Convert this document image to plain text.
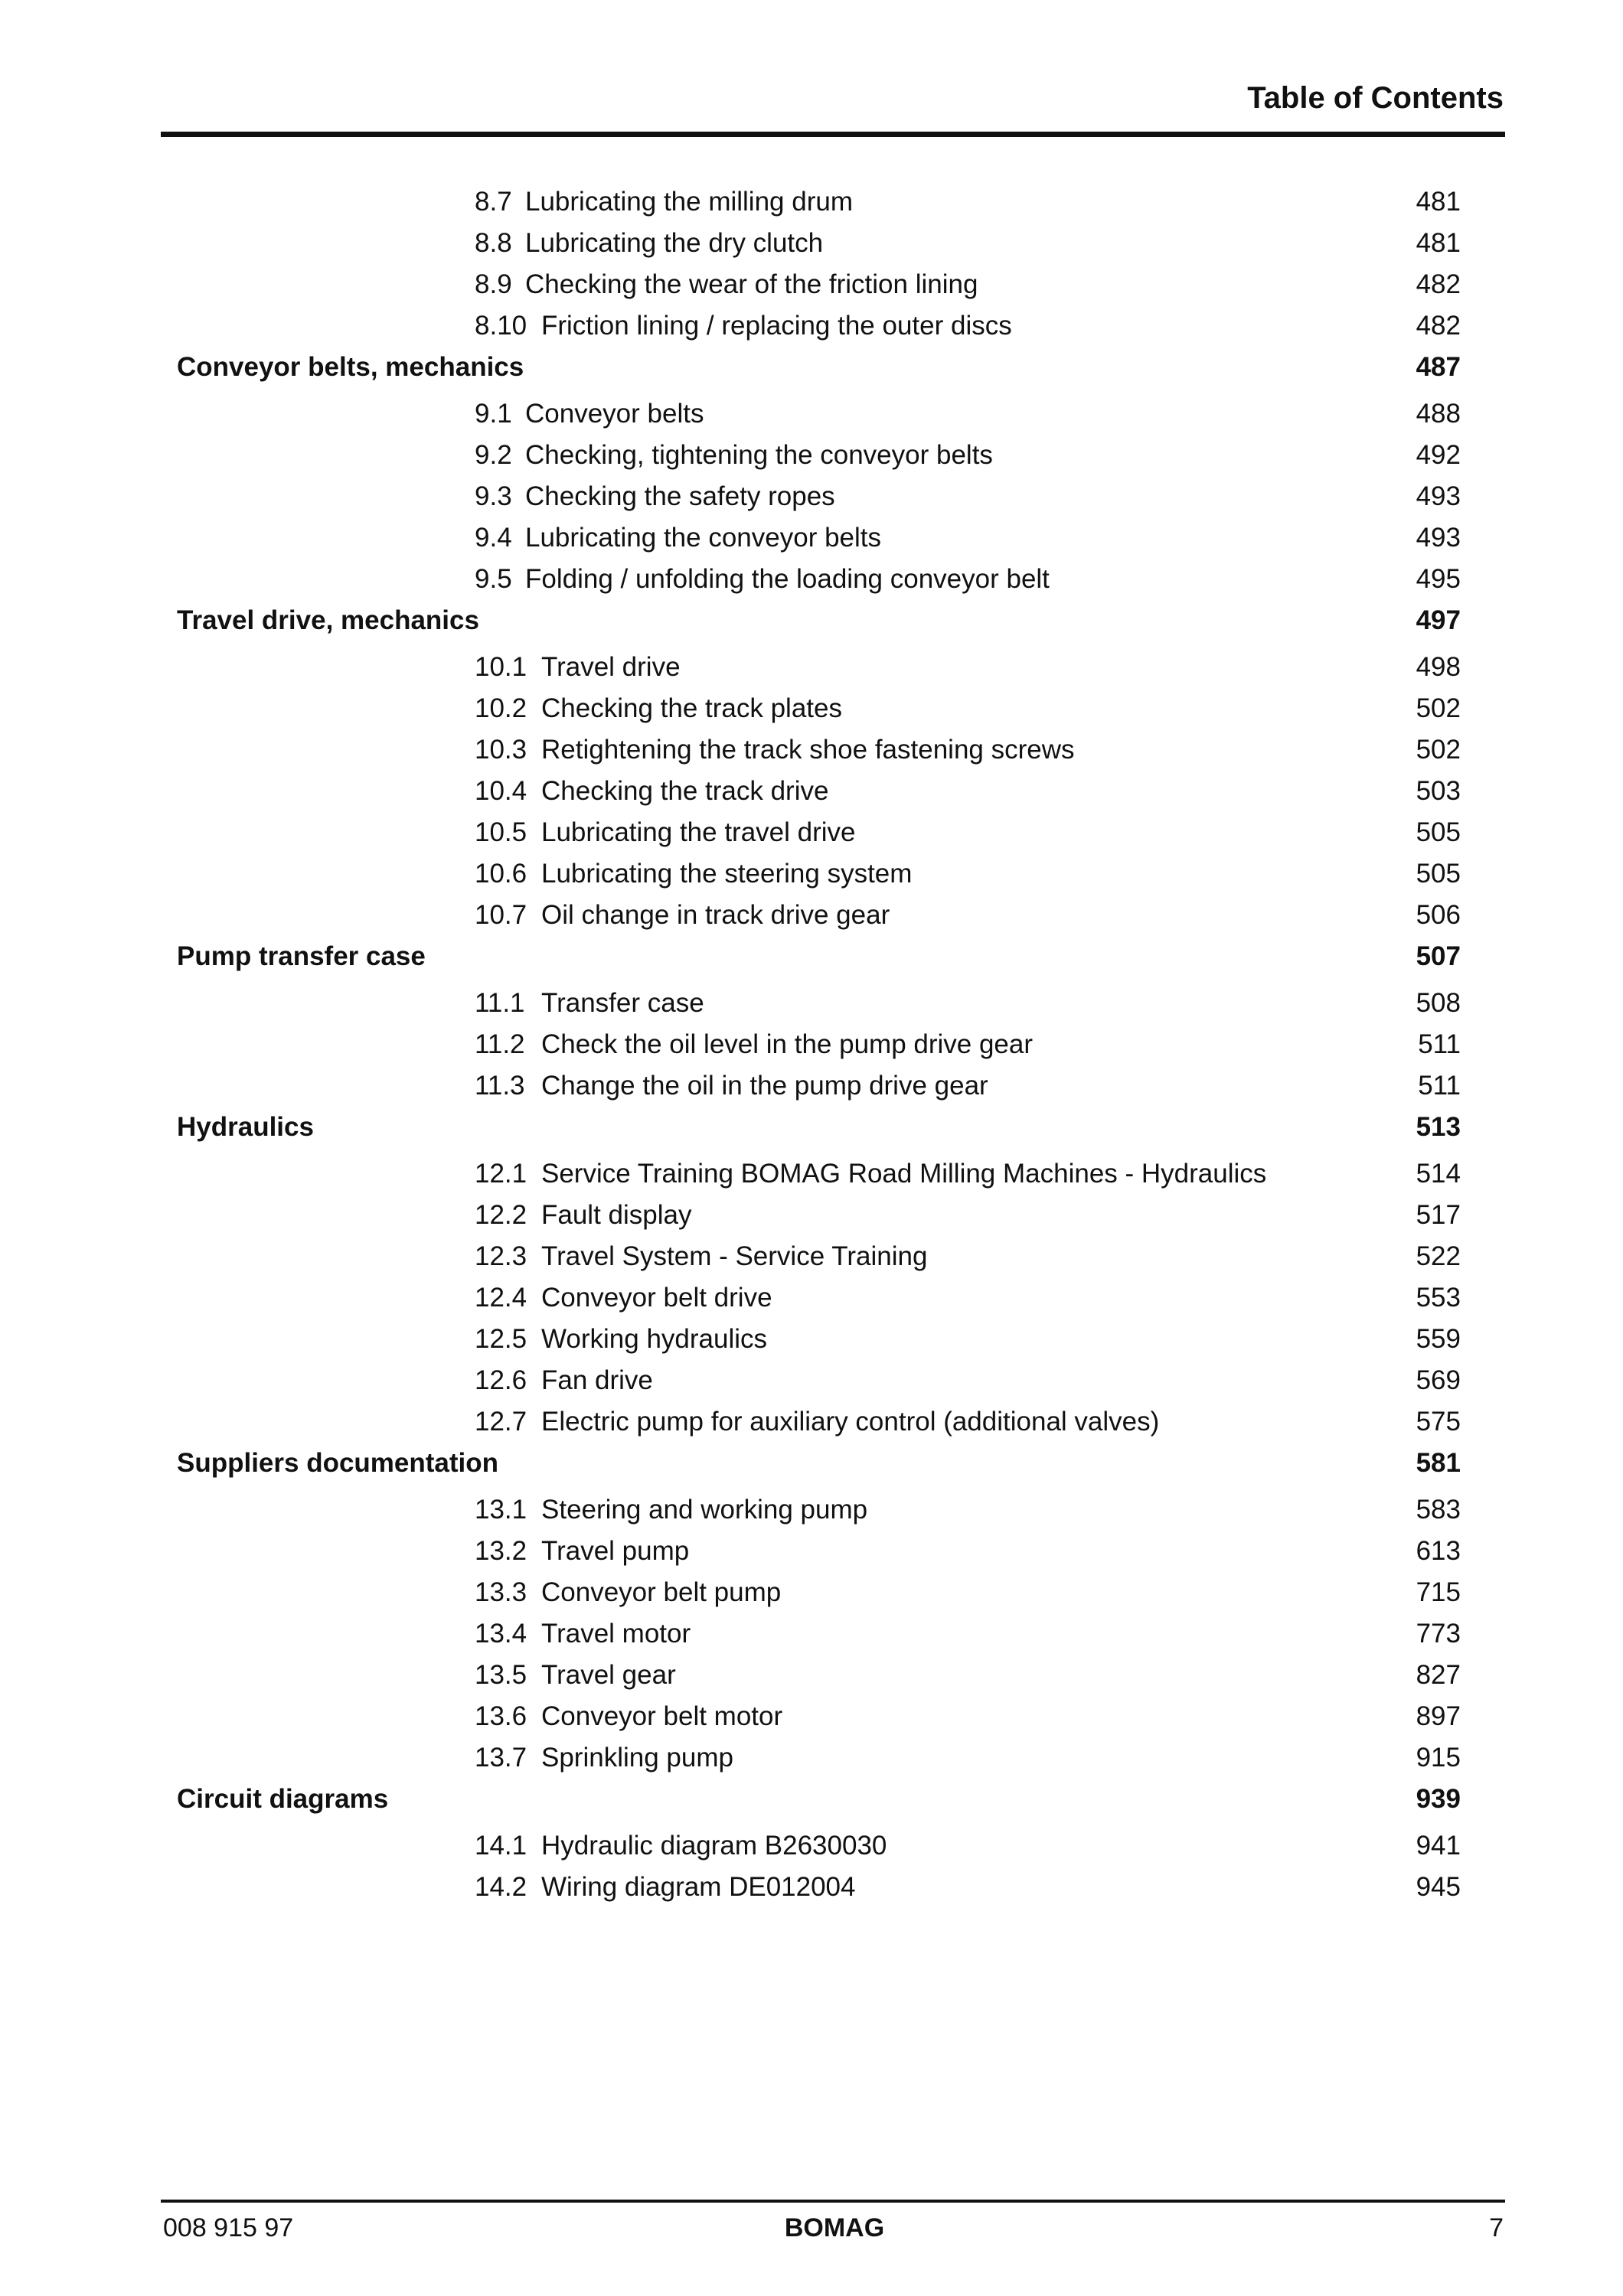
Table of Contents
8.7 Lubricating the milling drum	481
8.8 Lubricating the dry clutch	481
8.9 Checking the wear of the friction lining	482
8.10 Friction lining / replacing the outer discs	482
Conveyor belts, mechanics	487
9.1 Conveyor belts	488
9.2 Checking, tightening the conveyor belts	492
9.3 Checking the safety ropes	493
9.4 Lubricating the conveyor belts	493
9.5 Folding / unfolding the loading conveyor belt	495
Travel drive, mechanics	497
10.1 Travel drive	498
10.2 Checking the track plates	502
10.3 Retightening the track shoe fastening screws	502
10.4 Checking the track drive	503
10.5 Lubricating the travel drive	505
10.6 Lubricating the steering system	505
10.7 Oil change in track drive gear	506
Pump transfer case	507
11.1 Transfer case	508
11.2 Check the oil level in the pump drive gear	511
11.3 Change the oil in the pump drive gear	511
Hydraulics	513
12.1 Service Training BOMAG Road Milling Machines - Hydraulics	514
12.2 Fault display	517
12.3 Travel System - Service Training	522
12.4 Conveyor belt drive	553
12.5 Working hydraulics	559
12.6 Fan drive	569
12.7 Electric pump for auxiliary control (additional valves)	575
Suppliers documentation	581
13.1 Steering and working pump	583
13.2 Travel pump	613
13.3 Conveyor belt pump	715
13.4 Travel motor	773
13.5 Travel gear	827
13.6 Conveyor belt motor	897
13.7 Sprinkling pump	915
Circuit diagrams	939
14.1 Hydraulic diagram B2630030	941
14.2 Wiring diagram DE012004	945
008 915 97	BOMAG	7
